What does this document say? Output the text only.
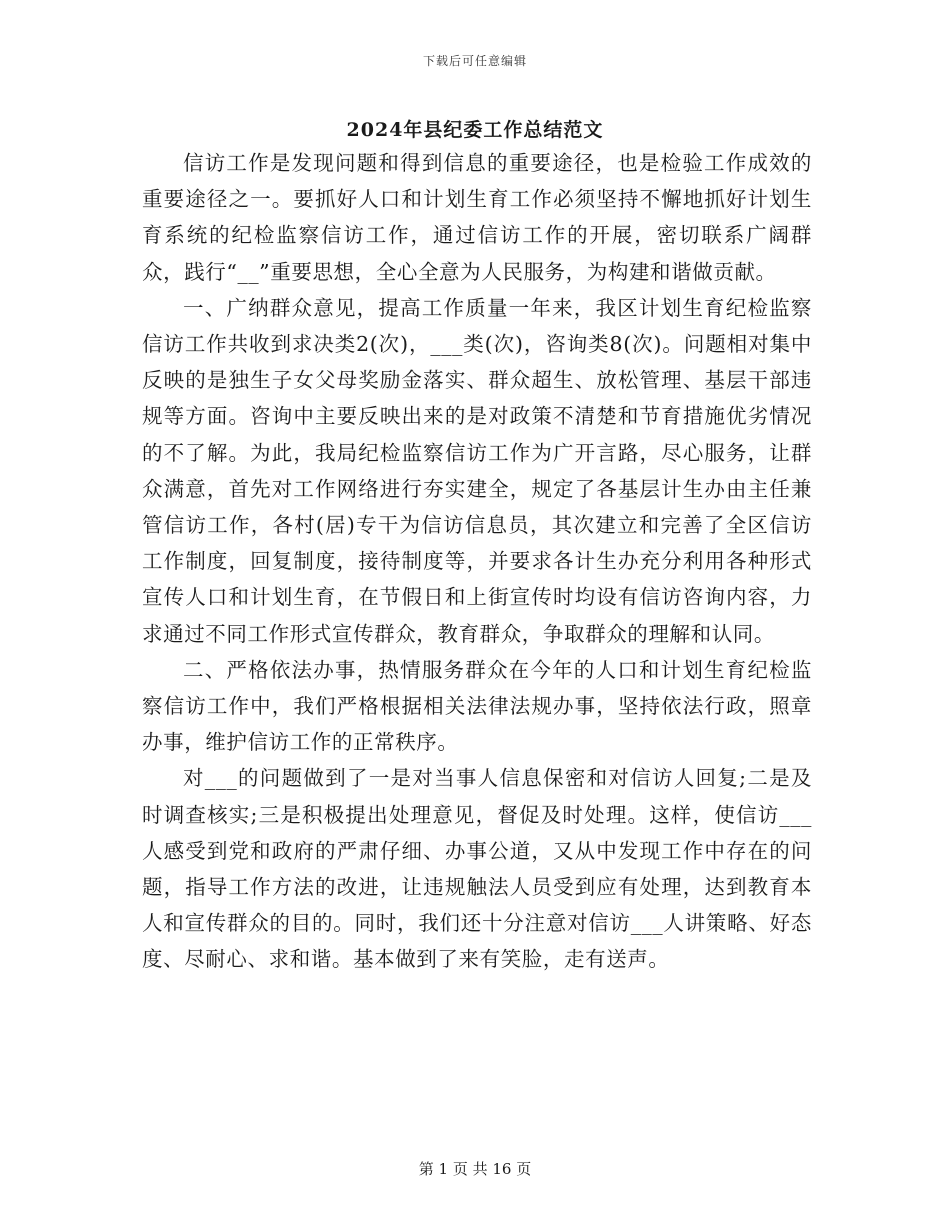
下载后可任意编辑
2024年县纪委工作总结范文

信访工作是发现问题和得到信息的重要途径，也是检验工作成效的重要途径之一。要抓好人口和计划生育工作必须坚持不懈地抓好计划生育系统的纪检监察信访工作，通过信访工作的开展，密切联系广阔群众，践行“__”重要思想，全心全意为人民服务，为构建和谐做贡献。

一、广纳群众意见，提高工作质量一年来，我区计划生育纪检监察信访工作共收到求决类2(次)，___类(次)，咨询类8(次)。问题相对集中反映的是独生子女父母奖励金落实、群众超生、放松管理、基层干部违规等方面。咨询中主要反映出来的是对政策不清楚和节育措施优劣情况的不了解。为此，我局纪检监察信访工作为广开言路，尽心服务，让群众满意，首先对工作网络进行夯实建全，规定了各基层计生办由主任兼管信访工作，各村(居)专干为信访信息员，其次建立和完善了全区信访工作制度，回复制度，接待制度等，并要求各计生办充分利用各种形式宣传人口和计划生育，在节假日和上街宣传时均设有信访咨询内容，力求通过不同工作形式宣传群众，教育群众，争取群众的理解和认同。

二、严格依法办事，热情服务群众在今年的人口和计划生育纪检监察信访工作中，我们严格根据相关法律法规办事，坚持依法行政，照章办事，维护信访工作的正常秩序。

对___的问题做到了一是对当事人信息保密和对信访人回复;二是及时调查核实;三是积极提出处理意见，督促及时处理。这样，使信访___人感受到党和政府的严肃仔细、办事公道，又从中发现工作中存在的问题，指导工作方法的改进，让违规触法人员受到应有处理，达到教育本人和宣传群众的目的。同时，我们还十分注意对信访___人讲策略、好态度、尽耐心、求和谐。基本做到了来有笑脸，走有送声。

第 1 页 共 16 页
